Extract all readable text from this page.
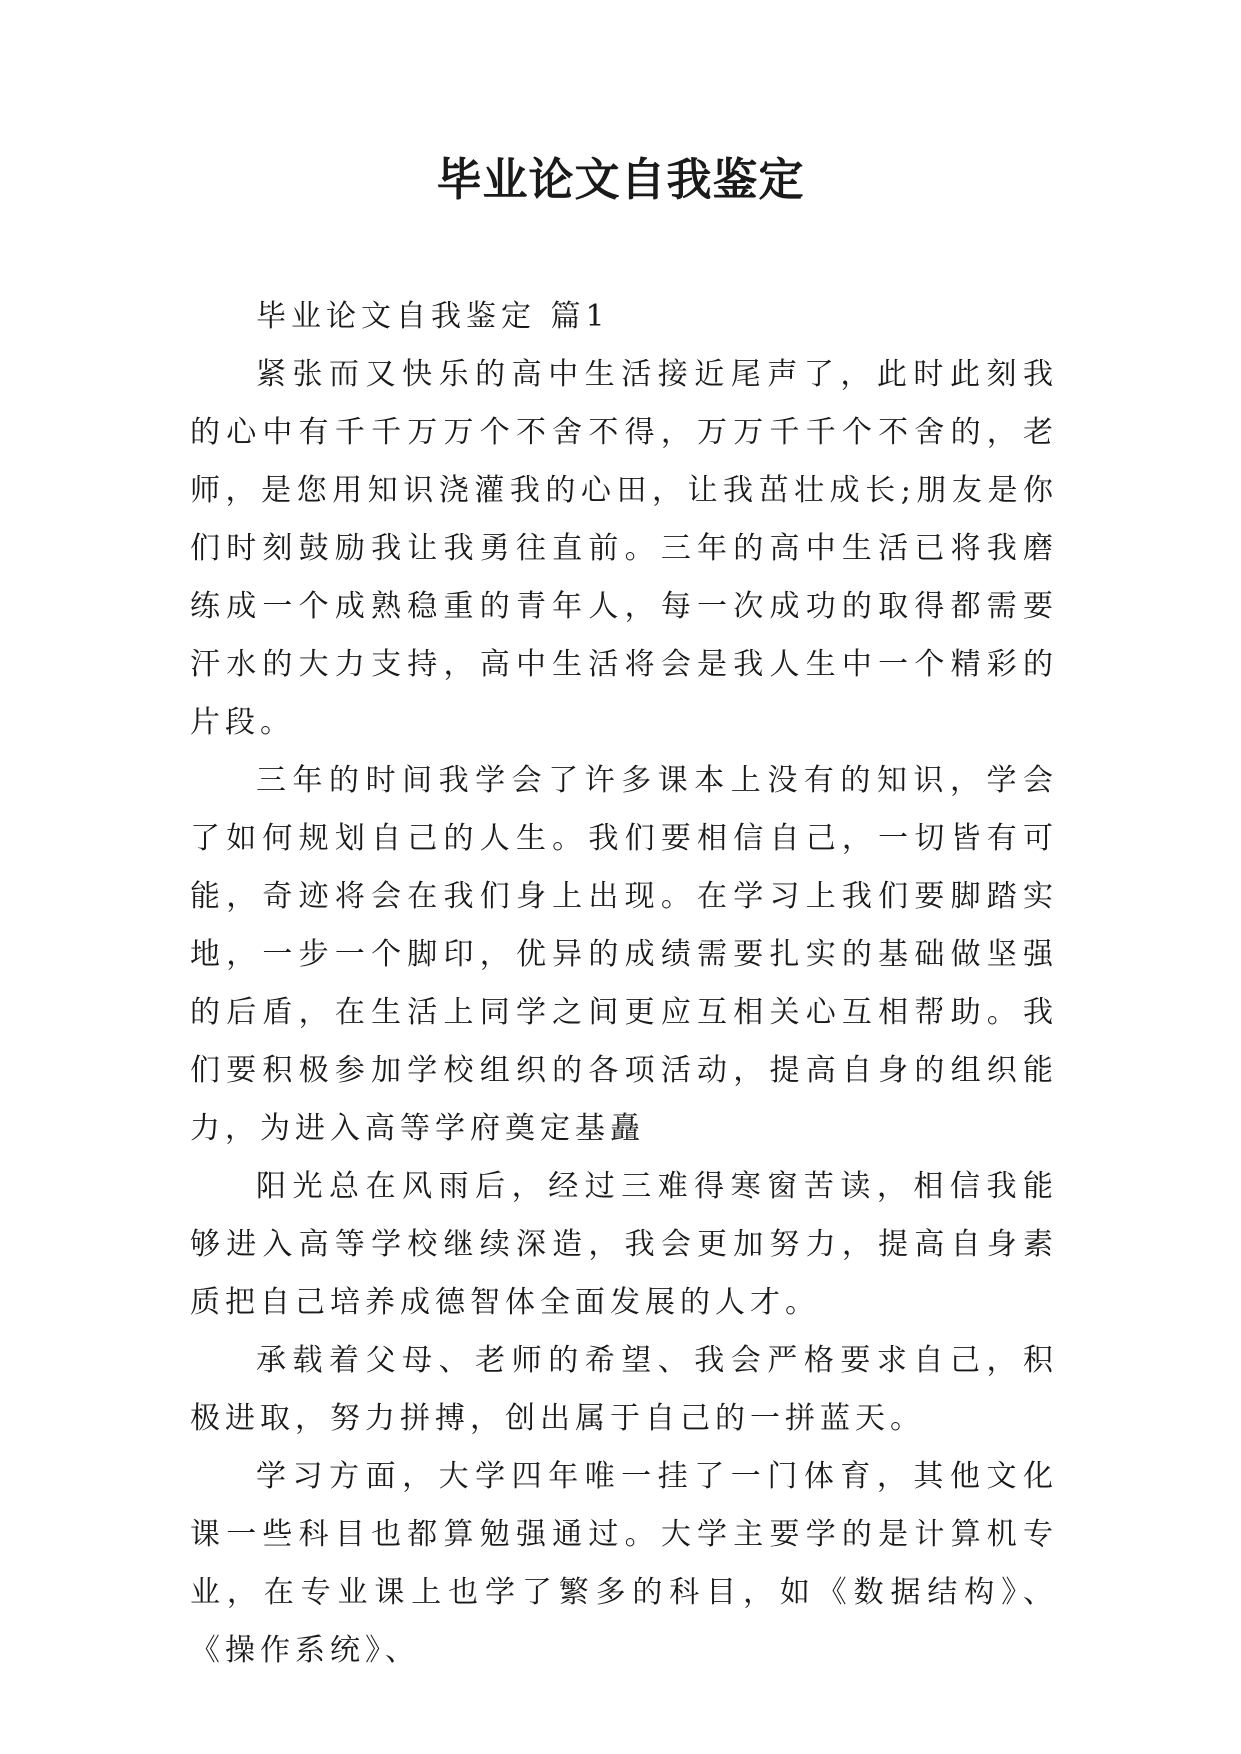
毕业论文自我鉴定

毕业论文自我鉴定 篇1

紧张而又快乐的高中生活接近尾声了，此时此刻我的心中有千千万万个不舍不得，万万千千个不舍的，老师，是您用知识浇灌我的心田，让我茁壮成长;朋友是你们时刻鼓励我让我勇往直前。三年的高中生活已将我磨练成一个成熟稳重的青年人，每一次成功的取得都需要汗水的大力支持，高中生活将会是我人生中一个精彩的片段。

三年的时间我学会了许多课本上没有的知识，学会了如何规划自己的人生。我们要相信自己，一切皆有可能，奇迹将会在我们身上出现。在学习上我们要脚踏实地，一步一个脚印，优异的成绩需要扎实的基础做坚强的后盾，在生活上同学之间更应互相关心互相帮助。我们要积极参加学校组织的各项活动，提高自身的组织能力，为进入高等学府奠定基矗

阳光总在风雨后，经过三难得寒窗苦读，相信我能够进入高等学校继续深造，我会更加努力，提高自身素质把自己培养成德智体全面发展的人才。

承载着父母、老师的希望、我会严格要求自己，积极进取，努力拼搏，创出属于自己的一拼蓝天。

学习方面，大学四年唯一挂了一门体育，其他文化课一些科目也都算勉强通过。大学主要学的是计算机专业，在专业课上也学了繁多的科目，如《数据结构》、《操作系统》、
